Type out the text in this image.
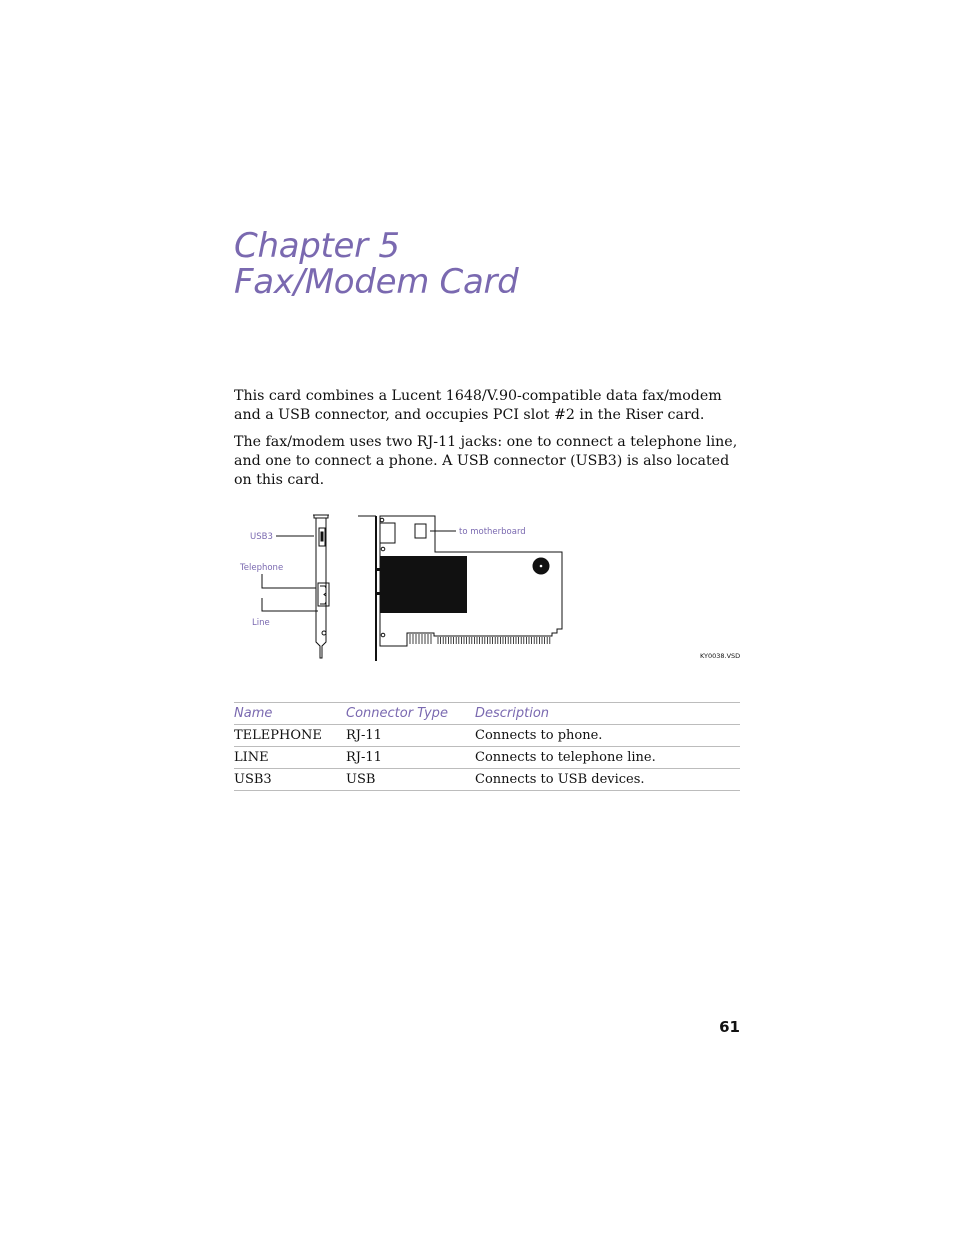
Chapter 5
Fax/Modem Card
This card combines a Lucent 1648/V.90-compatible data fax/modem and a USB connector, and occupies PCI slot #2 in the Riser card.
The fax/modem uses two RJ-11 jacks: one to connect a telephone line, and one to connect a phone. A USB connector (USB3) is also located on this card.
USB3
Telephone
Line
to motherboard
KY0038.VSD
Name	Connector Type	Description
TELEPHONE	RJ-11	Connects to phone.
LINE	RJ-11	Connects to telephone line.
USB3	USB	Connects to USB devices.
61
